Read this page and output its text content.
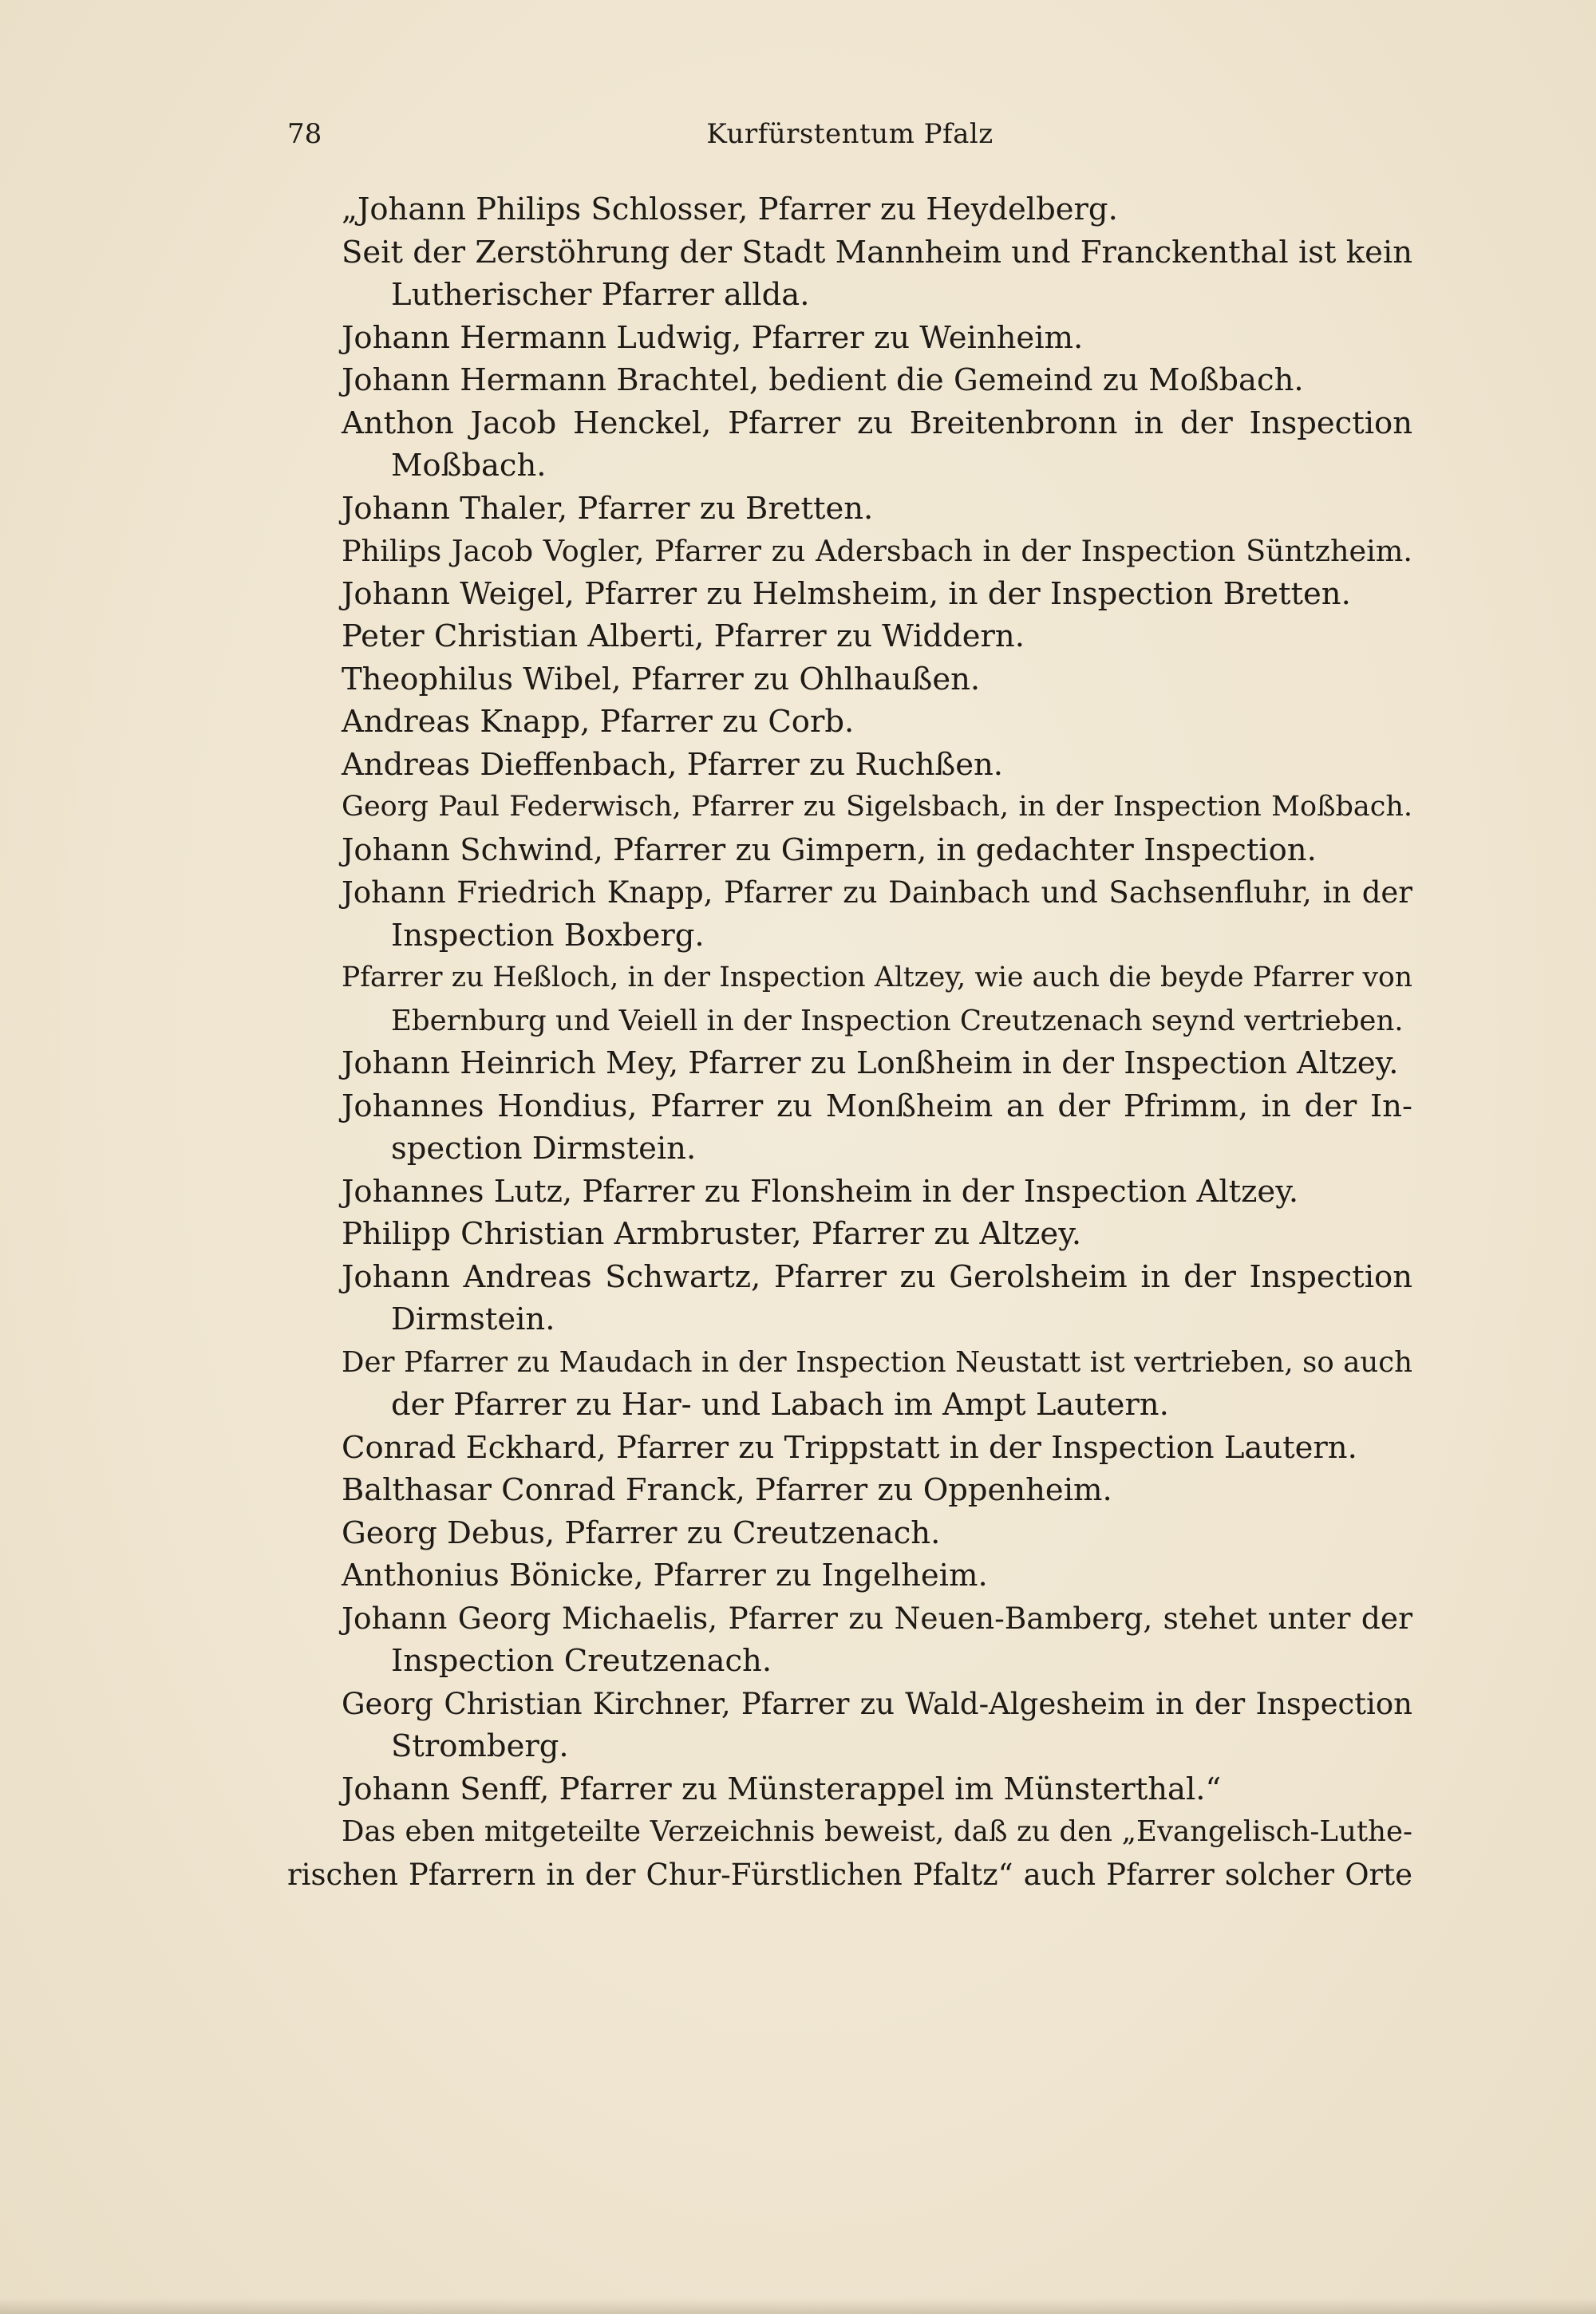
78	Kurfürstentum Pfalz
„Johann Philips Schlosser, Pfarrer zu Heydelberg.
Seit der Zerstöhrung der Stadt Mannheim und Franckenthal ist kein
Lutherischer Pfarrer allda.
Johann Hermann Ludwig, Pfarrer zu Weinheim.
Johann Hermann Brachtel, bedient die Gemeind zu Moßbach.
Anthon Jacob Henckel, Pfarrer zu Breitenbronn in der Inspection
Moßbach.
Johann Thaler, Pfarrer zu Bretten.
Philips Jacob Vogler, Pfarrer zu Adersbach in der Inspection Süntzheim.
Johann Weigel, Pfarrer zu Helmsheim, in der Inspection Bretten.
Peter Christian Alberti, Pfarrer zu Widdern.
Theophilus Wibel, Pfarrer zu Ohlhaußen.
Andreas Knapp, Pfarrer zu Corb.
Andreas Dieffenbach, Pfarrer zu Ruchßen.
Georg Paul Federwisch, Pfarrer zu Sigelsbach, in der Inspection Moßbach.
Johann Schwind, Pfarrer zu Gimpern, in gedachter Inspection.
Johann Friedrich Knapp, Pfarrer zu Dainbach und Sachsenfluhr, in der
Inspection Boxberg.
Pfarrer zu Heßloch, in der Inspection Altzey, wie auch die beyde Pfarrer von
Ebernburg und Veiell in der Inspection Creutzenach seynd vertrieben.
Johann Heinrich Mey, Pfarrer zu Lonßheim in der Inspection Altzey.
Johannes Hondius, Pfarrer zu Monßheim an der Pfrimm, in der In-
spection Dirmstein.
Johannes Lutz, Pfarrer zu Flonsheim in der Inspection Altzey.
Philipp Christian Armbruster, Pfarrer zu Altzey.
Johann Andreas Schwartz, Pfarrer zu Gerolsheim in der Inspection
Dirmstein.
Der Pfarrer zu Maudach in der Inspection Neustatt ist vertrieben, so auch
der Pfarrer zu Har- und Labach im Ampt Lautern.
Conrad Eckhard, Pfarrer zu Trippstatt in der Inspection Lautern.
Balthasar Conrad Franck, Pfarrer zu Oppenheim.
Georg Debus, Pfarrer zu Creutzenach.
Anthonius Bönicke, Pfarrer zu Ingelheim.
Johann Georg Michaelis, Pfarrer zu Neuen-Bamberg, stehet unter der
Inspection Creutzenach.
Georg Christian Kirchner, Pfarrer zu Wald-Algesheim in der Inspection
Stromberg.
Johann Senff, Pfarrer zu Münsterappel im Münsterthal.“
Das eben mitgeteilte Verzeichnis beweist, daß zu den „Evangelisch-Luthe-
rischen Pfarrern in der Chur-Fürstlichen Pfaltz“ auch Pfarrer solcher Orte
